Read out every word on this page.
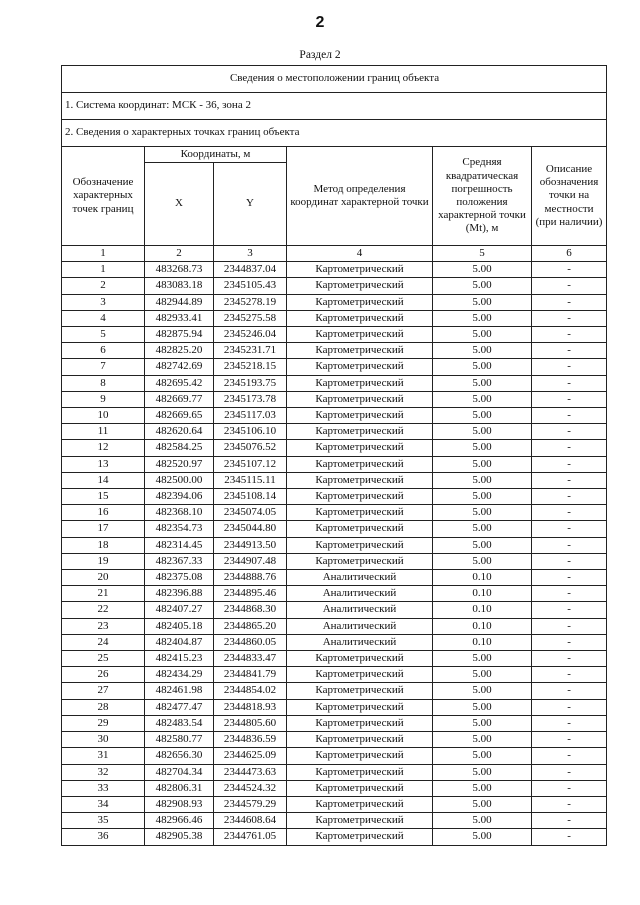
2
Раздел 2
Сведения о местоположении границ объекта					
1. Система координат: МСК - 36, зона 2					
2. Сведения о характерных точках границ объекта					
Обозначение характерных точек границ	Координаты, м		Метод определения координат характерной точки	Средняя квадратическая погрешность положения характерной точки (Mt), м	Описание обозначения точки на местности (при наличии)
	X	Y			
1	2	3	4	5	6
1	483268.73	2344837.04	Картометрический	5.00	-
2	483083.18	2345105.43	Картометрический	5.00	-
3	482944.89	2345278.19	Картометрический	5.00	-
4	482933.41	2345275.58	Картометрический	5.00	-
5	482875.94	2345246.04	Картометрический	5.00	-
6	482825.20	2345231.71	Картометрический	5.00	-
7	482742.69	2345218.15	Картометрический	5.00	-
8	482695.42	2345193.75	Картометрический	5.00	-
9	482669.77	2345173.78	Картометрический	5.00	-
10	482669.65	2345117.03	Картометрический	5.00	-
11	482620.64	2345106.10	Картометрический	5.00	-
12	482584.25	2345076.52	Картометрический	5.00	-
13	482520.97	2345107.12	Картометрический	5.00	-
14	482500.00	2345115.11	Картометрический	5.00	-
15	482394.06	2345108.14	Картометрический	5.00	-
16	482368.10	2345074.05	Картометрический	5.00	-
17	482354.73	2345044.80	Картометрический	5.00	-
18	482314.45	2344913.50	Картометрический	5.00	-
19	482367.33	2344907.48	Картометрический	5.00	-
20	482375.08	2344888.76	Аналитический	0.10	-
21	482396.88	2344895.46	Аналитический	0.10	-
22	482407.27	2344868.30	Аналитический	0.10	-
23	482405.18	2344865.20	Аналитический	0.10	-
24	482404.87	2344860.05	Аналитический	0.10	-
25	482415.23	2344833.47	Картометрический	5.00	-
26	482434.29	2344841.79	Картометрический	5.00	-
27	482461.98	2344854.02	Картометрический	5.00	-
28	482477.47	2344818.93	Картометрический	5.00	-
29	482483.54	2344805.60	Картометрический	5.00	-
30	482580.77	2344836.59	Картометрический	5.00	-
31	482656.30	2344625.09	Картометрический	5.00	-
32	482704.34	2344473.63	Картометрический	5.00	-
33	482806.31	2344524.32	Картометрический	5.00	-
34	482908.93	2344579.29	Картометрический	5.00	-
35	482966.46	2344608.64	Картометрический	5.00	-
36	482905.38	2344761.05	Картометрический	5.00	-
